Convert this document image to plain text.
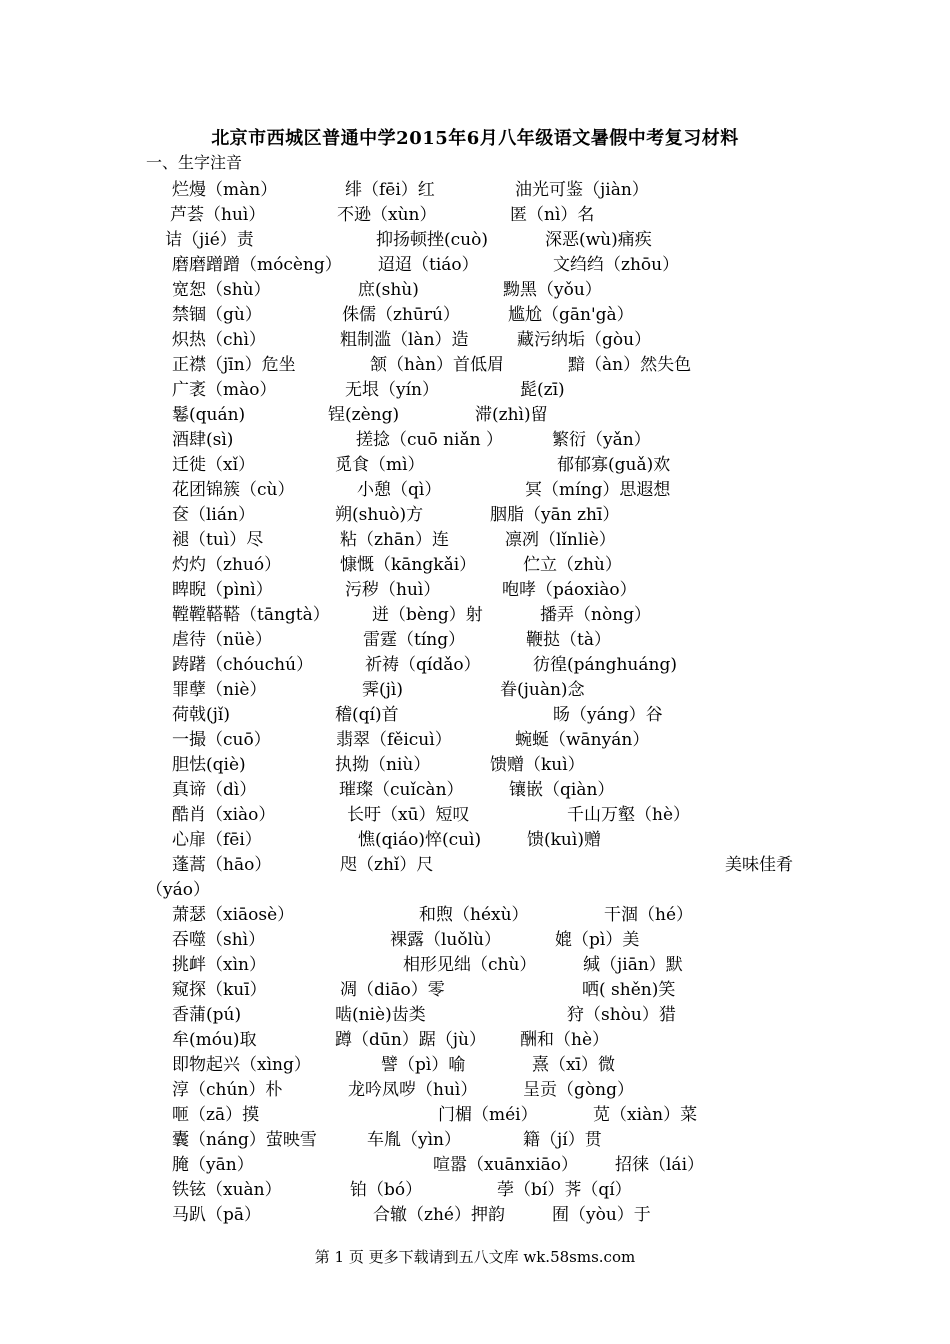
北京市西城区普通中学2015年6月八年级语文暑假中考复习材料
一、生字注音
烂熳（màn）	绯（fēi）红	油光可鉴（jiàn）
芦荟（huì）	不逊（xùn）	匿（nì）名
诘（jié）责	抑扬顿挫(cuò)	深恶(wù)痛疾
磨磨蹭蹭（mócèng） 迢迢（tiáo）	文绉绉（zhōu）
宽恕（shù）	庶(shù)	黝黑（yǒu）
禁锢（gù）	侏儒（zhūrú）	尴尬（gān'gà）
炽热（chì）	粗制滥（làn）造	藏污纳垢（gòu）
正襟（jīn）危坐	颔（hàn）首低眉	黯（àn）然失色
广袤（mào）	无垠（yín）	髭(zī)
鬈(quán)	锃(zèng)	滞(zhì)留
酒肆(sì)	搓捻（cuō niǎn ）	繁衍（yǎn）
迁徙（xǐ）	觅食（mì）	郁郁寡(guǎ)欢
花团锦簇（cù）	小憩（qì）	冥（míng）思遐想
奁（lián）	朔(shuò)方	胭脂（yān zhī）
褪（tuì）尽	粘（zhān）连	凛冽（lǐnliè）
灼灼（zhuó）	慷慨（kāngkǎi）	伫立（zhù）
睥睨（pìnì）	污秽（huì）	咆哮（páoxiào）
鞺鞺鞳鞳（tāngtà） 迸（bèng）射	播弄（nòng）
虐待（nüè）	雷霆（tíng）	鞭挞（tà）
踌躇（chóuchú）	祈祷（qídǎo）	彷徨(pánghuáng)
罪孽（niè）	霁(jì)	眷(juàn)念
荷戟(jǐ)	稽(qí)首	旸（yáng）谷
一撮（cuō）	翡翠（fěicuì）	蜿蜒（wānyán）
胆怯(qiè)	执拗（niù）	馈赠（kuì）
真谛（dì）	璀璨（cuǐcàn）	镶嵌（qiàn）
酷肖（xiào）	长吁（xū）短叹	千山万壑（hè）
心扉（fēi）	憔(qiáo)悴(cuì)	馈(kuì)赠
蓬蒿（hāo）	咫（zhǐ）尺	美味佳肴
（yáo）
萧瑟（xiāosè）	和煦（héxù）	干涸（hé）
吞噬（shì）	裸露（luǒlù）	媲（pì）美
挑衅（xìn）	相形见绌（chù）	缄（jiān）默
窥探（kuī）	凋（diāo）零	哂( shěn)笑
香蒲(pú)	啮(niè)齿类	狩（shòu）猎
牟(móu)取	蹲（dūn）踞（jù） 酬和（hè）
即物起兴（xìng）	譬（pì）喻	熹（xī）微
淳（chún）朴	龙吟凤哕（huì）	呈贡（gòng）
咂（zā）摸	门楣（méi）	苋（xiàn）菜
囊（náng）萤映雪	车胤（yìn）	籍（jí）贯
腌（yān）	喧嚣（xuānxiāo） 招徕（lái）
铁铉（xuàn）	铂（bó）	荸（bí）荠（qí）
马趴（pā）	合辙（zhé）押韵	囿（yòu）于
第 1 页 更多下载请到五八文库 wk.58sms.com
